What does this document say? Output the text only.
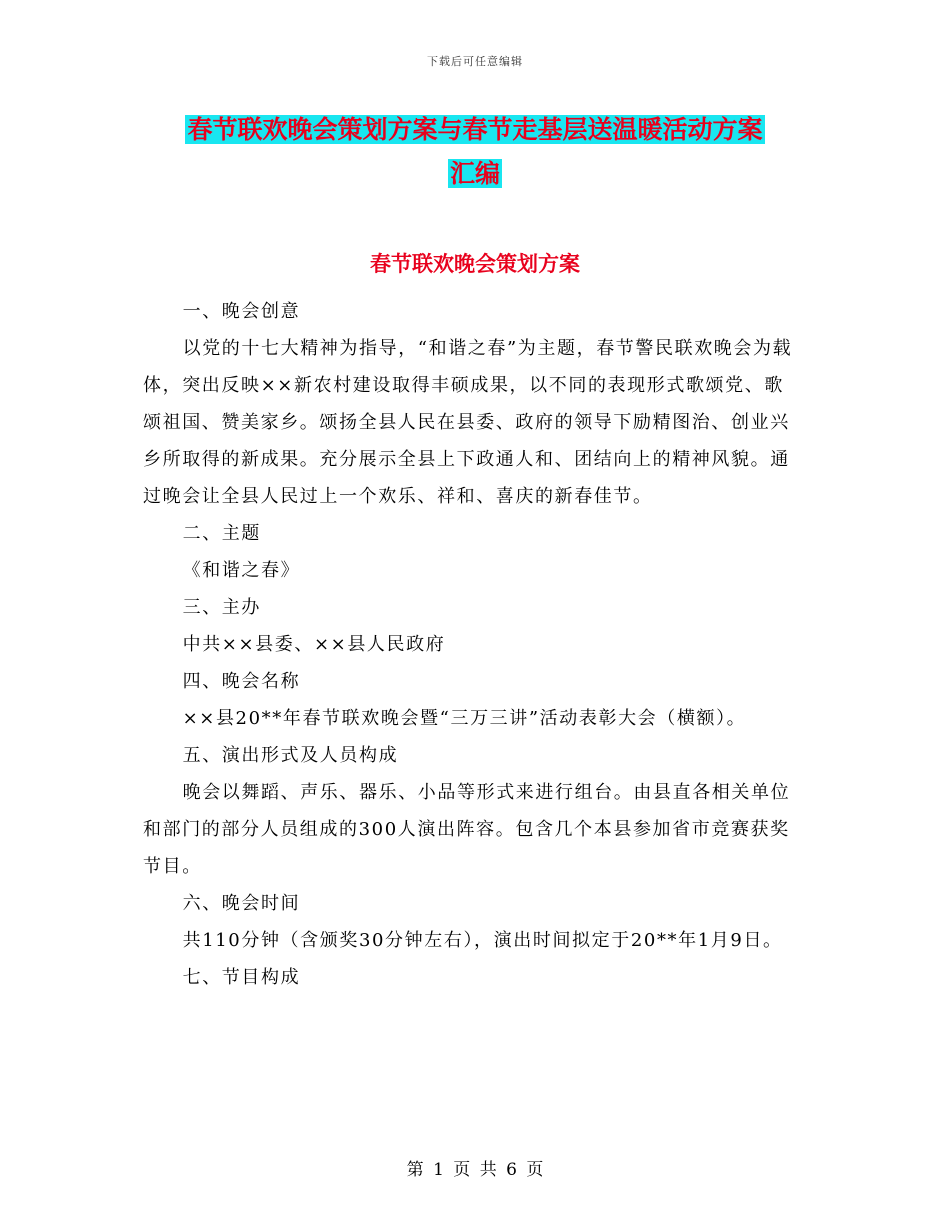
下载后可任意编辑
春节联欢晚会策划方案与春节走基层送温暖活动方案
汇编
春节联欢晚会策划方案

一、晚会创意

以党的十七大精神为指导，“和谐之春”为主题，春节警民联欢晚会为载体，突出反映××新农村建设取得丰硕成果，以不同的表现形式歌颂党、歌颂祖国、赞美家乡。颂扬全县人民在县委、政府的领导下励精图治、创业兴乡所取得的新成果。充分展示全县上下政通人和、团结向上的精神风貌。通过晚会让全县人民过上一个欢乐、祥和、喜庆的新春佳节。

二、主题

《和谐之春》

三、主办

中共××县委、××县人民政府

四、晚会名称

××县20**年春节联欢晚会暨“三万三讲”活动表彰大会（横额）。

五、演出形式及人员构成

晚会以舞蹈、声乐、器乐、小品等形式来进行组台。由县直各相关单位和部门的部分人员组成的300人演出阵容。包含几个本县参加省市竞赛获奖节目。

六、晚会时间

共110分钟（含颁奖30分钟左右），演出时间拟定于20**年1月9日。

七、节目构成

第 1 页 共 6 页
